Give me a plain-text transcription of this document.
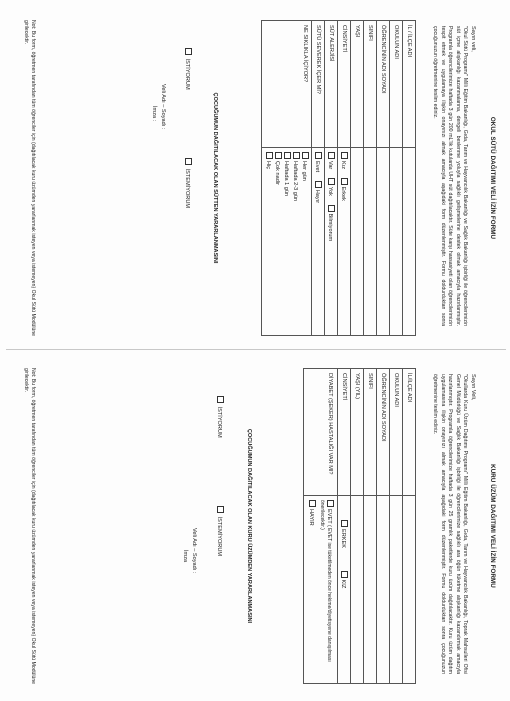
OKUL SÜTÜ DAĞITIMI VELİ İZİN FORMU
Sayın veli,
"Okul Sütü Programı" Milli Eğitim Bakanlığı, Gıda, Tarım ve Hayvancılık Bakanlığı ve Sağlık Bakanlığı işbirliği ile öğrencilerimizin süt içme alışkanlığı kazanmalarına, dengeli beslenme yoluyla sağlıklı gelişmelerine destek olmak amacıyla hazırlanmıştır. Programla öğrencilerimize haftada 3 gün 200 mL'lik kutularda UHT süt dağıtılacaktır. Süte karşı hassasiyeti olan öğrencilerimizin tespit etmek ve uygulamaya ilişkin onayınızı almak amacıyla aşağıdaki form düzenlenmiştir. Formu doldurduktan sonra çocuğunuzun öğretmenine teslim ediniz.
İL / İLÇE ADI	
OKULUN ADI	
ÖĞRENCİNİN ADI SOYADI	
SINIFI	
YAŞI	
CİNSİYETİ	Kız Erkek
SÜT ALERJİSİ	Var Yok Bilmiyorum
SÜTÜ SEVEREK İÇER Mİ?	Evet Hayır
NE SIKLIKLA İÇİYOR?	Her gün
Haftada 2-3 gün
Haftada 1 gün
Çok nadir
Hiç
ÇOCUĞUMUN DAĞITILACAK OLAN SÜTTEN YARARLANMASINI
İSTİYORUM
İSTEMİYORUM
Veli Adı – Soyadı :
İmza :
Not: Bu form, öğretmen tarafından tüm öğrenciler için (dağıtılacak kuru üzümden yararlanmak isteyen veya istemeyen) Okul Sütü Modülüne girilecektir.
KURU ÜZÜM DAĞITIMI VELİ İZİN FORMU
Sayın Veli,
"Okullarda Kuru Üzüm Dağıtımı Programı" Milli Eğitim Bakanlığı, Gıda, Tarım ve Hayvancılık Bakanlığı, Toprak Mahsulleri Ofisi Genel Müdürlüğü ve Sağlık Bakanlığı işbirliği ile öğrencilerimize sağlıklı ara öğün tüketme alışkanlığı kazandırmak amacıyla hazırlanmıştır. Programla öğrencilerimize haftada 3 gün 25 gramlık paketlerde kuru üzüm dağıtılacaktır. Kuru üzüm dağıtım uygulamasına ilişkin onayınızı almak amacıyla aşağıdaki form düzenlenmiştir. Formu doldurduktan sonra çocuğunuzun öğretmenine teslim ediniz.
İL/İLÇE ADI	
OKULUN ADI	
ÖĞRENCİNİN ADI SOYADI	
SINIFI	
YAŞI (YIL)	
CİNSİYETİ	ERKEK KIZ
DİYABET (ŞEKER) HASTALIĞI VAR MI?	EVET ( EVET ise tüketilmeden önce hekime/diyetisyene danışılması önerilecektir.)
HAYIR
ÇOCUĞUMUN DAĞITILACAK OLAN KURU ÜZÜMDEN YARARLANMASINI
İSTİYORUM
İSTEMİYORUM
Veli Adı – Soyadı :
İmza
Not: Bu form, öğretmen tarafından tüm öğrenciler için (dağıtılacak kuru üzümden yararlanmak isteyen veya istemeyen) Okul Sütü Modülüne girilecektir.
